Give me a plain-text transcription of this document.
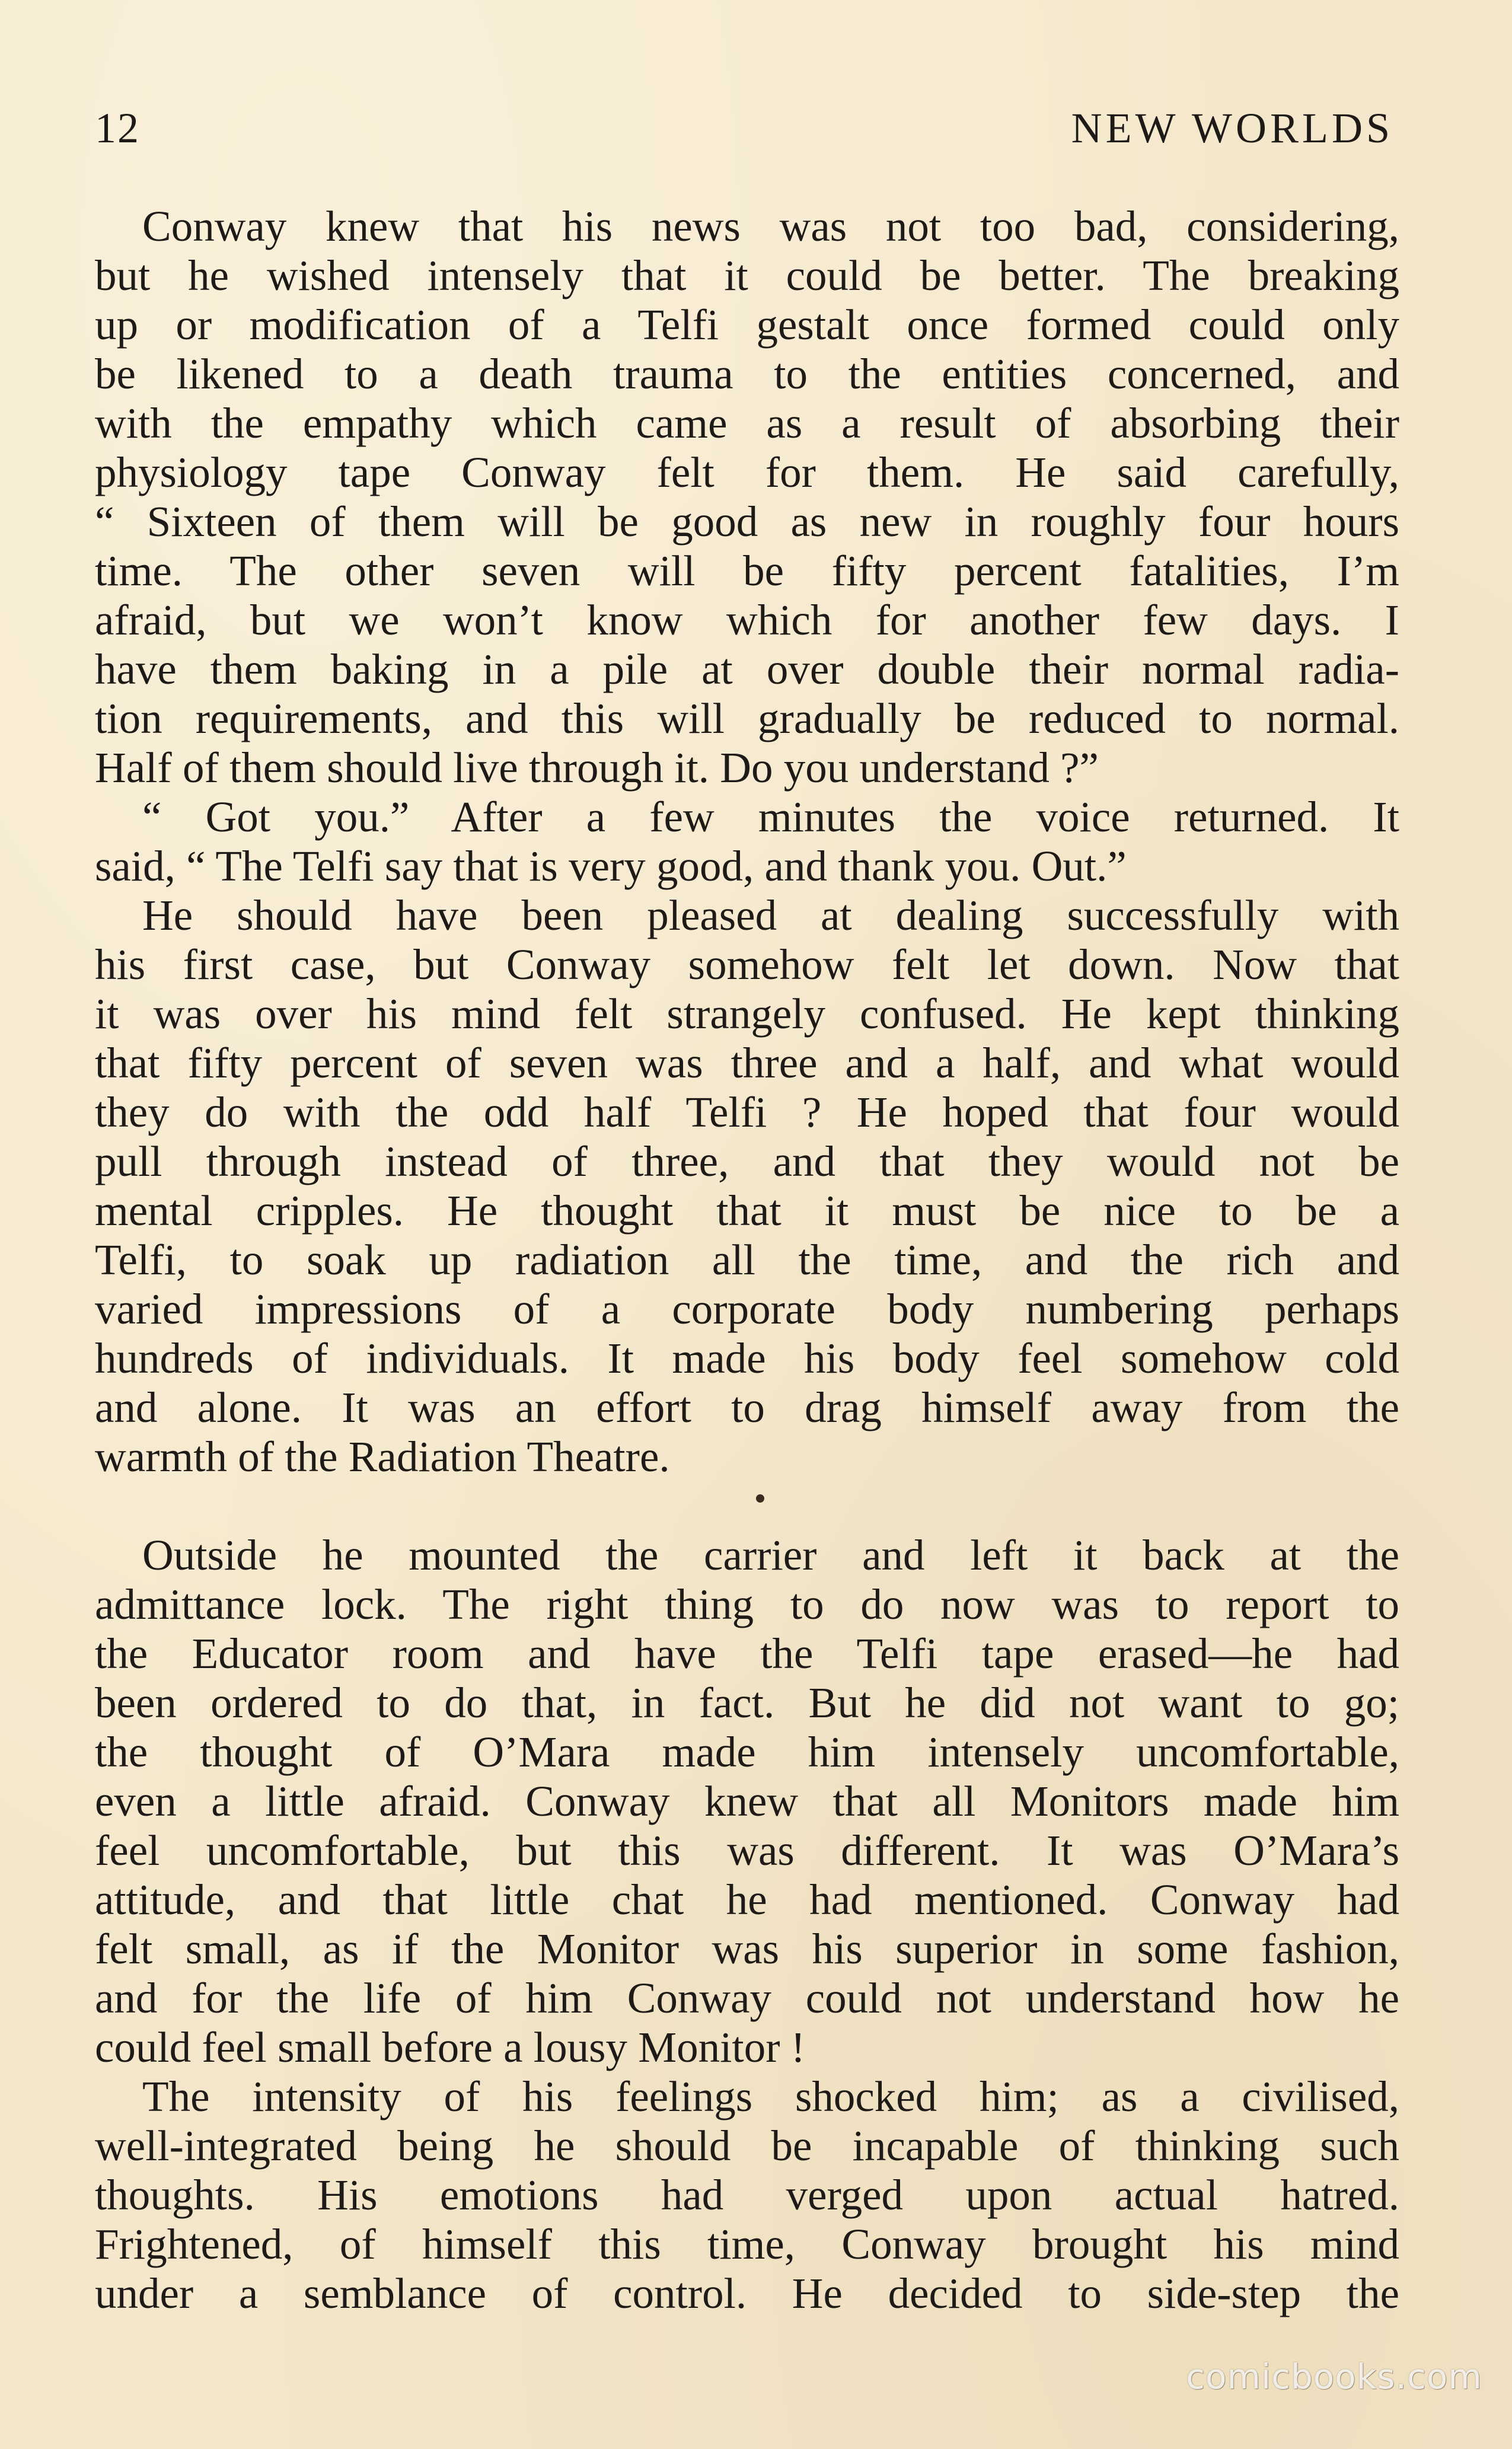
12	NEW WORLDS
Conway knew that his news was not too bad, considering,
but he wished intensely that it could be better. The breaking
up or modification of a Telfi gestalt once formed could only
be likened to a death trauma to the entities concerned, and
with the empathy which came as a result of absorbing their
physiology tape Conway felt for them. He said carefully,
“ Sixteen of them will be good as new in roughly four hours
time. The other seven will be fifty percent fatalities, I’m
afraid, but we won’t know which for another few days. I
have them baking in a pile at over double their normal radia-
tion requirements, and this will gradually be reduced to normal.
Half of them should live through it. Do you understand ?”
“ Got you.” After a few minutes the voice returned. It
said, “ The Telfi say that is very good, and thank you. Out.”
He should have been pleased at dealing successfully with
his first case, but Conway somehow felt let down. Now that
it was over his mind felt strangely confused. He kept thinking
that fifty percent of seven was three and a half, and what would
they do with the odd half Telfi ? He hoped that four would
pull through instead of three, and that they would not be
mental cripples. He thought that it must be nice to be a
Telfi, to soak up radiation all the time, and the rich and
varied impressions of a corporate body numbering perhaps
hundreds of individuals. It made his body feel somehow cold
and alone. It was an effort to drag himself away from the
warmth of the Radiation Theatre.
Outside he mounted the carrier and left it back at the
admittance lock. The right thing to do now was to report to
the Educator room and have the Telfi tape erased—he had
been ordered to do that, in fact. But he did not want to go;
the thought of O’Mara made him intensely uncomfortable,
even a little afraid. Conway knew that all Monitors made him
feel uncomfortable, but this was different. It was O’Mara’s
attitude, and that little chat he had mentioned. Conway had
felt small, as if the Monitor was his superior in some fashion,
and for the life of him Conway could not understand how he
could feel small before a lousy Monitor !
The intensity of his feelings shocked him; as a civilised,
well-integrated being he should be incapable of thinking such
thoughts. His emotions had verged upon actual hatred.
Frightened, of himself this time, Conway brought his mind
under a semblance of control. He decided to side-step the
comicbooks.com
